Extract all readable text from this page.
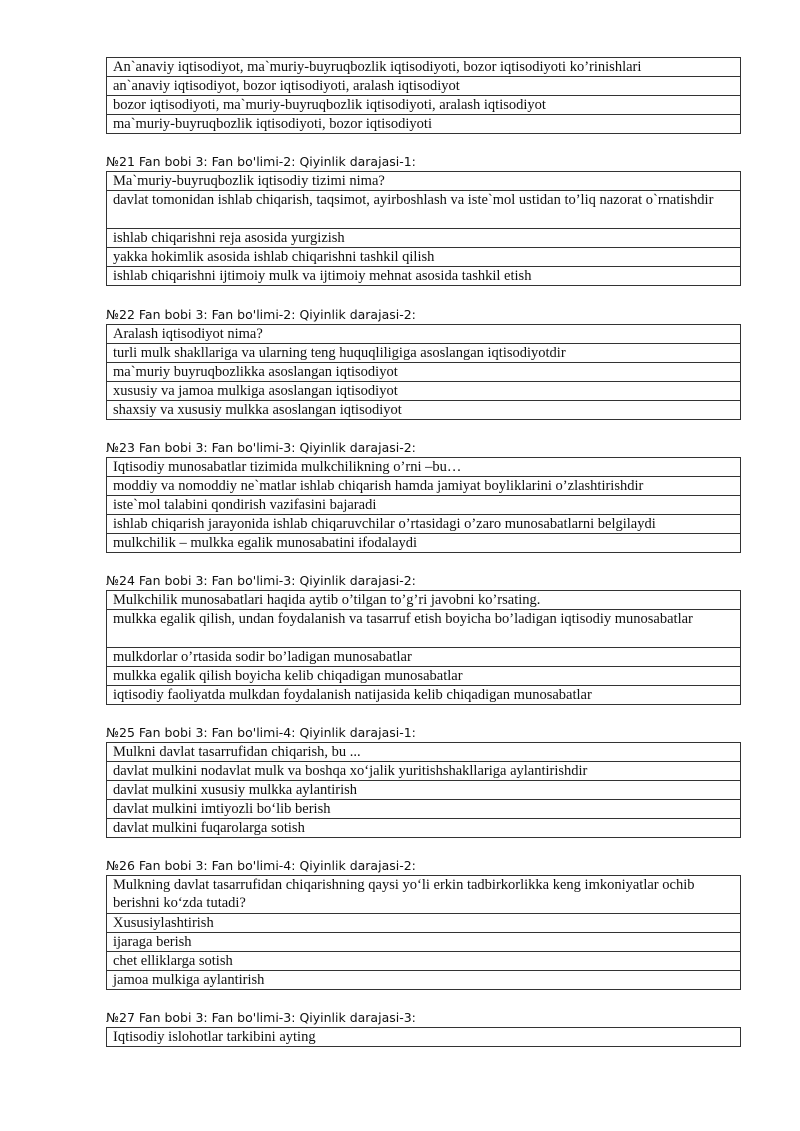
An`anaviy iqtisodiyot, ma`muriy-buyruqbozlik iqtisodiyoti, bozor iqtisodiyoti ko’rinishlari
an`anaviy iqtisodiyot, bozor iqtisodiyoti, aralash iqtisodiyot
bozor iqtisodiyoti, ma`muriy-buyruqbozlik iqtisodiyoti, aralash iqtisodiyot
ma`muriy-buyruqbozlik iqtisodiyoti, bozor iqtisodiyoti
№21 Fan bobi 3: Fan bo'limi-2: Qiyinlik darajasi-1:
Ma`muriy-buyruqbozlik iqtisodiy tizimi nima?
davlat tomonidan ishlab chiqarish, taqsimot, ayirboshlash va iste`mol ustidan to’liq nazorat o`rnatishdir
ishlab chiqarishni reja asosida yurgizish
yakka hokimlik asosida ishlab chiqarishni tashkil qilish
ishlab chiqarishni ijtimoiy mulk va ijtimoiy mehnat asosida tashkil etish
№22 Fan bobi 3: Fan bo'limi-2: Qiyinlik darajasi-2:
Aralash iqtisodiyot nima?
turli mulk shakllariga va ularning teng huquqliligiga asoslangan iqtisodiyotdir
ma`muriy buyruqbozlikka asoslangan iqtisodiyot
xususiy va jamoa mulkiga asoslangan iqtisodiyot
shaxsiy va xususiy mulkka asoslangan iqtisodiyot
№23 Fan bobi 3: Fan bo'limi-3: Qiyinlik darajasi-2:
Iqtisodiy munosabatlar tizimida mulkchilikning o’rni –bu…
moddiy va nomoddiy ne`matlar ishlab chiqarish hamda jamiyat boyliklarini o’zlashtirishdir
iste`mol talabini qondirish vazifasini bajaradi
ishlab chiqarish jarayonida ishlab chiqaruvchilar o’rtasidagi o’zaro munosabatlarni belgilaydi
mulkchilik – mulkka egalik munosabatini ifodalaydi
№24 Fan bobi 3: Fan bo'limi-3: Qiyinlik darajasi-2:
Mulkchilik munosabatlari haqida aytib o’tilgan to’g’ri javobni ko’rsating.
mulkka egalik qilish, undan foydalanish va tasarruf etish boyicha bo’ladigan iqtisodiy munosabatlar
mulkdorlar o’rtasida sodir bo’ladigan munosabatlar
mulkka egalik qilish boyicha kelib chiqadigan munosabatlar
iqtisodiy faoliyatda mulkdan foydalanish natijasida kelib chiqadigan munosabatlar
№25 Fan bobi 3: Fan bo'limi-4: Qiyinlik darajasi-1:
Mulkni davlat tasarrufidan chiqarish, bu ...
davlat mulkini nodavlat mulk va boshqa xo‘jalik yuritishshakllariga aylantirishdir
davlat mulkini xususiy mulkka aylantirish
davlat mulkini imtiyozli bo‘lib berish
davlat mulkini fuqarolarga sotish
№26 Fan bobi 3: Fan bo'limi-4: Qiyinlik darajasi-2:
Mulkning davlat tasarrufidan chiqarishning qaysi yo‘li erkin tadbirkorlikka keng imkoniyatlar ochib berishni ko‘zda tutadi?
Xususiylashtirish
ijaraga berish
chet elliklarga sotish
jamoa mulkiga aylantirish
№27 Fan bobi 3: Fan bo'limi-3: Qiyinlik darajasi-3:
Iqtisodiy islohotlar tarkibini ayting
